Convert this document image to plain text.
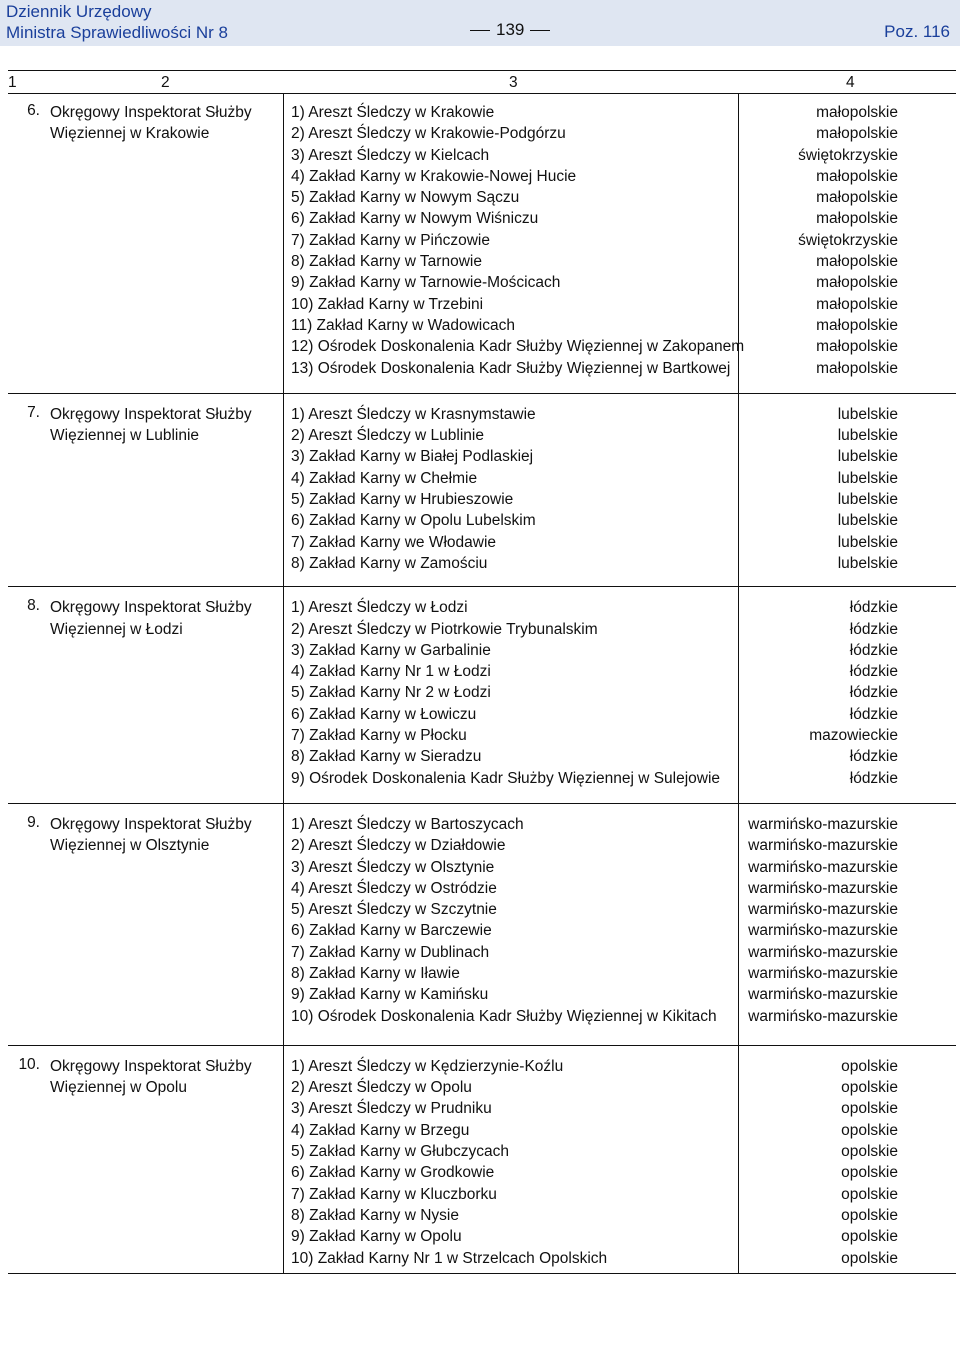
Dziennik Urzędowy
Ministra Sprawiedliwości Nr 8	139	Poz. 116
1	2	3	4
6. Okręgowy Inspektorat Służby Więziennej w Krakowie
1) Areszt Śledczy w Krakowie	małopolskie
2) Areszt Śledczy w Krakowie-Podgórzu	małopolskie
3) Areszt Śledczy w Kielcach	świętokrzyskie
4) Zakład Karny w Krakowie-Nowej Hucie	małopolskie
5) Zakład Karny w Nowym Sączu	małopolskie
6) Zakład Karny w Nowym Wiśniczu	małopolskie
7) Zakład Karny w Pińczowie	świętokrzyskie
8) Zakład Karny w Tarnowie	małopolskie
9) Zakład Karny w Tarnowie-Mościcach	małopolskie
10) Zakład Karny w Trzebini	małopolskie
11) Zakład Karny w Wadowicach	małopolskie
12) Ośrodek Doskonalenia Kadr Służby Więziennej w Zakopanem	małopolskie
13) Ośrodek Doskonalenia Kadr Służby Więziennej w Bartkowej	małopolskie
7. Okręgowy Inspektorat Służby Więziennej w Lublinie
1) Areszt Śledczy w Krasnymstawie	lubelskie
2) Areszt Śledczy w Lublinie	lubelskie
3) Zakład Karny w Białej Podlaskiej	lubelskie
4) Zakład Karny w Chełmie	lubelskie
5) Zakład Karny w Hrubieszowie	lubelskie
6) Zakład Karny w Opolu Lubelskim	lubelskie
7) Zakład Karny we Włodawie	lubelskie
8) Zakład Karny w Zamościu	lubelskie
8. Okręgowy Inspektorat Służby Więziennej w Łodzi
1) Areszt Śledczy w Łodzi	łódzkie
2) Areszt Śledczy w Piotrkowie Trybunalskim	łódzkie
3) Zakład Karny w Garbalinie	łódzkie
4) Zakład Karny Nr 1 w Łodzi	łódzkie
5) Zakład Karny Nr 2 w Łodzi	łódzkie
6) Zakład Karny w Łowiczu	łódzkie
7) Zakład Karny w Płocku	mazowieckie
8) Zakład Karny w Sieradzu	łódzkie
9) Ośrodek Doskonalenia Kadr Służby Więziennej w Sulejowie	łódzkie
9. Okręgowy Inspektorat Służby Więziennej w Olsztynie
1) Areszt Śledczy w Bartoszycach	warmińsko-mazurskie
2) Areszt Śledczy w Działdowie	warmińsko-mazurskie
3) Areszt Śledczy w Olsztynie	warmińsko-mazurskie
4) Areszt Śledczy w Ostródzie	warmińsko-mazurskie
5) Areszt Śledczy w Szczytnie	warmińsko-mazurskie
6) Zakład Karny w Barczewie	warmińsko-mazurskie
7) Zakład Karny w Dublinach	warmińsko-mazurskie
8) Zakład Karny w Iławie	warmińsko-mazurskie
9) Zakład Karny w Kamińsku	warmińsko-mazurskie
10) Ośrodek Doskonalenia Kadr Służby Więziennej w Kikitach	warmińsko-mazurskie
10. Okręgowy Inspektorat Służby Więziennej w Opolu
1) Areszt Śledczy w Kędzierzynie-Koźlu	opolskie
2) Areszt Śledczy w Opolu	opolskie
3) Areszt Śledczy w Prudniku	opolskie
4) Zakład Karny w Brzegu	opolskie
5) Zakład Karny w Głubczycach	opolskie
6) Zakład Karny w Grodkowie	opolskie
7) Zakład Karny w Kluczborku	opolskie
8) Zakład Karny w Nysie	opolskie
9) Zakład Karny w Opolu	opolskie
10) Zakład Karny Nr 1 w Strzelcach Opolskich	opolskie
